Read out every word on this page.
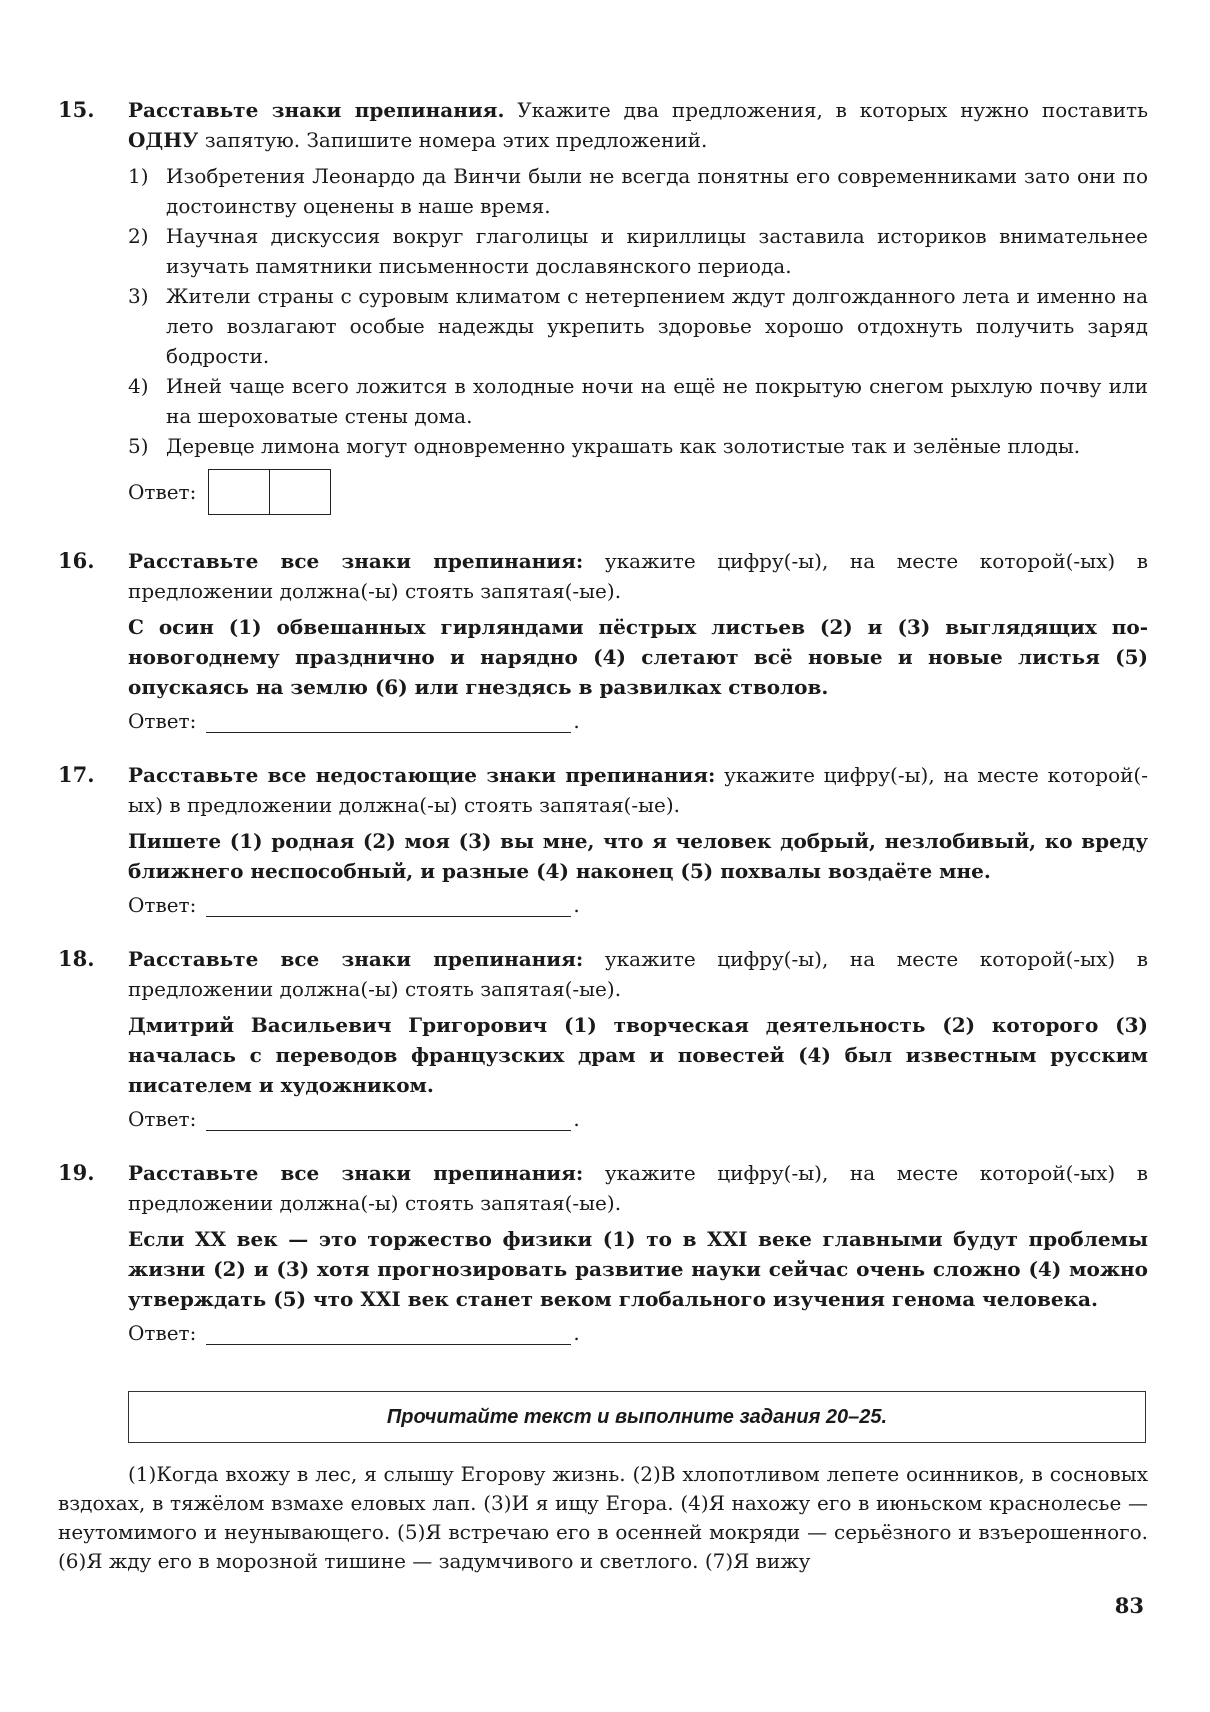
15. Расставьте знаки препинания. Укажите два предложения, в которых нужно поставить ОДНУ запятую. Запишите номера этих предложений.
1) Изобретения Леонардо да Винчи были не всегда понятны его современниками зато они по достоинству оценены в наше время.
2) Научная дискуссия вокруг глаголицы и кириллицы заставила историков внимательнее изучать памятники письменности дославянского периода.
3) Жители страны с суровым климатом с нетерпением ждут долгожданного лета и именно на лето возлагают особые надежды укрепить здоровье хорошо отдохнуть получить заряд бодрости.
4) Иней чаще всего ложится в холодные ночи на ещё не покрытую снегом рыхлую почву или на шероховатые стены дома.
5) Деревце лимона могут одновременно украшать как золотистые так и зелёные плоды.
Ответ:
16. Расставьте все знаки препинания: укажите цифру(-ы), на месте которой(-ых) в предложении должна(-ы) стоять запятая(-ые).
С осин (1) обвешанных гирляндами пёстрых листьев (2) и (3) выглядящих по-новогоднему празднично и нарядно (4) слетают всё новые и новые листья (5) опускаясь на землю (6) или гнездясь в развилках стволов.
Ответ:	.
17. Расставьте все недостающие знаки препинания: укажите цифру(-ы), на месте которой(-ых) в предложении должна(-ы) стоять запятая(-ые).
Пишете (1) родная (2) моя (3) вы мне, что я человек добрый, незлобивый, ко вреду ближнего неспособный, и разные (4) наконец (5) похвалы воздаёте мне.
Ответ:	.
18. Расставьте все знаки препинания: укажите цифру(-ы), на месте которой(-ых) в предложении должна(-ы) стоять запятая(-ые).
Дмитрий Васильевич Григорович (1) творческая деятельность (2) которого (3) началась с переводов французских драм и повестей (4) был известным русским писателем и художником.
Ответ:	.
19. Расставьте все знаки препинания: укажите цифру(-ы), на месте которой(-ых) в предложении должна(-ы) стоять запятая(-ые).
Если XX век — это торжество физики (1) то в XXI веке главными будут проблемы жизни (2) и (3) хотя прогнозировать развитие науки сейчас очень сложно (4) можно утверждать (5) что XXI век станет веком глобального изучения генома человека.
Ответ:	.
Прочитайте текст и выполните задания 20–25.
(1)Когда вхожу в лес, я слышу Егорову жизнь. (2)В хлопотливом лепете осинников, в сосновых вздохах, в тяжёлом взмахе еловых лап. (3)И я ищу Егора. (4)Я нахожу его в июньском краснолесье — неутомимого и неунывающего. (5)Я встречаю его в осенней мокряди — серьёзного и взъерошенного. (6)Я жду его в морозной тишине — задумчивого и светлого. (7)Я вижу
83
